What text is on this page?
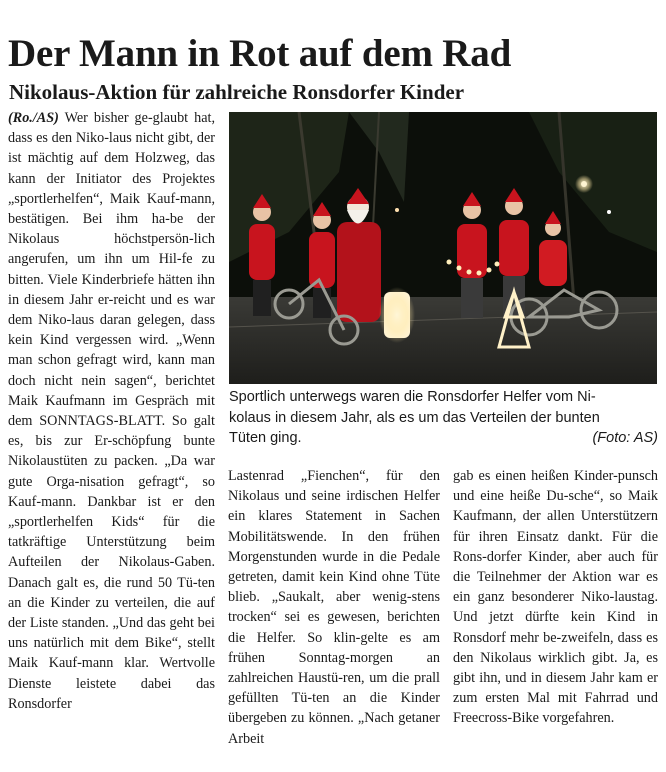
Der Mann in Rot auf dem Rad
Nikolaus-Aktion für zahlreiche Ronsdorfer Kinder

(Ro./AS) Wer bisher ge-glaubt hat, dass es den Niko-laus nicht gibt, der ist mächtig auf dem Holzweg, das kann der Initiator des Projektes „sportlerhelfen“, Maik Kauf-mann, bestätigen. Bei ihm ha-be der Nikolaus höchstpersön-lich angerufen, um ihn um Hil-fe zu bitten. Viele Kinderbriefe hätten ihn in diesem Jahr er-reicht und es war dem Niko-laus daran gelegen, dass kein Kind vergessen wird. „Wenn man schon gefragt wird, kann man doch nicht nein sagen“, berichtet Maik Kaufmann im Gespräch mit dem SONNTAGS-BLATT. So galt es, bis zur Er-schöpfung bunte Nikolaustüten zu packen. „Da war gute Orga-nisation gefragt“, so Kauf-mann. Dankbar ist er den „sportlerhelfen Kids“ für die tatkräftige Unterstützung beim Aufteilen der Nikolaus-Gaben. Danach galt es, die rund 50 Tü-ten an die Kinder zu verteilen, die auf der Liste standen. „Und das geht bei uns natürlich mit dem Bike“, stellt Maik Kauf-mann klar. Wertvolle Dienste leistete dabei das Ronsdorfer

Sportlich unterwegs waren die Ronsdorfer Helfer vom Ni-
kolaus in diesem Jahr, als es um das Verteilen der bunten
Tüten ging.	(Foto: AS)

Lastenrad „Fienchen“, für den Nikolaus und seine irdischen Helfer ein klares Statement in Sachen Mobilitätswende. In den frühen Morgenstunden wurde in die Pedale getreten, damit kein Kind ohne Tüte blieb. „Saukalt, aber wenig-stens trocken“ sei es gewesen, berichten die Helfer. So klin-gelte es am frühen Sonntag-morgen an zahlreichen Haustü-ren, um die prall gefüllten Tü-ten an die Kinder übergeben zu können. „Nach getaner Arbeit

gab es einen heißen Kinder-punsch und eine heiße Du-sche“, so Maik Kaufmann, der allen Unterstützern für ihren Einsatz dankt. Für die Rons-dorfer Kinder, aber auch für die Teilnehmer der Aktion war es ein ganz besonderer Niko-laustag. Und jetzt dürfte kein Kind in Ronsdorf mehr be-zweifeln, dass es den Nikolaus wirklich gibt. Ja, es gibt ihn, und in diesem Jahr kam er zum ersten Mal mit Fahrrad und Freecross-Bike vorgefahren.
